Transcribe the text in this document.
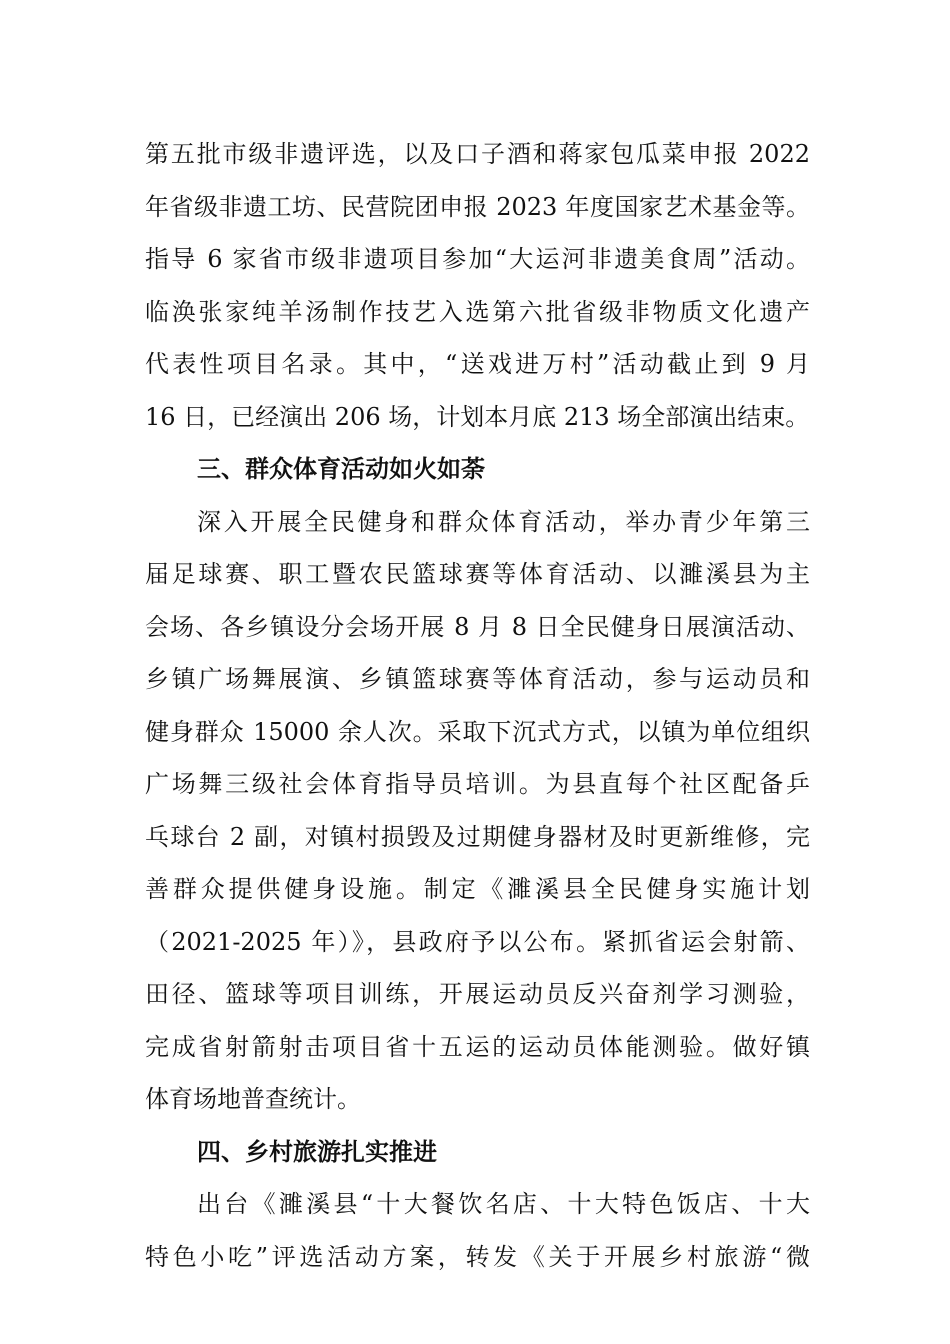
第五批市级非遗评选，以及口子酒和蒋家包瓜菜申报 2022
年省级非遗工坊、民营院团申报 2023 年度国家艺术基金等。
指导 6 家省市级非遗项目参加“大运河非遗美食周”活动。
临涣张家纯羊汤制作技艺入选第六批省级非物质文化遗产
代表性项目名录。其中，“送戏进万村”活动截止到 9 月
16 日，已经演出 206 场，计划本月底 213 场全部演出结束。
三、群众体育活动如火如荼
深入开展全民健身和群众体育活动，举办青少年第三
届足球赛、职工暨农民篮球赛等体育活动、以濉溪县为主
会场、各乡镇设分会场开展 8 月 8 日全民健身日展演活动、
乡镇广场舞展演、乡镇篮球赛等体育活动，参与运动员和
健身群众 15000 余人次。采取下沉式方式，以镇为单位组织
广场舞三级社会体育指导员培训。为县直每个社区配备乒
乓球台 2 副，对镇村损毁及过期健身器材及时更新维修，完
善群众提供健身设施。制定《濉溪县全民健身实施计划
（2021-2025 年）》，县政府予以公布。紧抓省运会射箭、
田径、篮球等项目训练，开展运动员反兴奋剂学习测验，
完成省射箭射击项目省十五运的运动员体能测验。做好镇
体育场地普查统计。
四、乡村旅游扎实推进
出台《濉溪县“十大餐饮名店、十大特色饭店、十大
特色小吃”评选活动方案，转发《关于开展乡村旅游“微
